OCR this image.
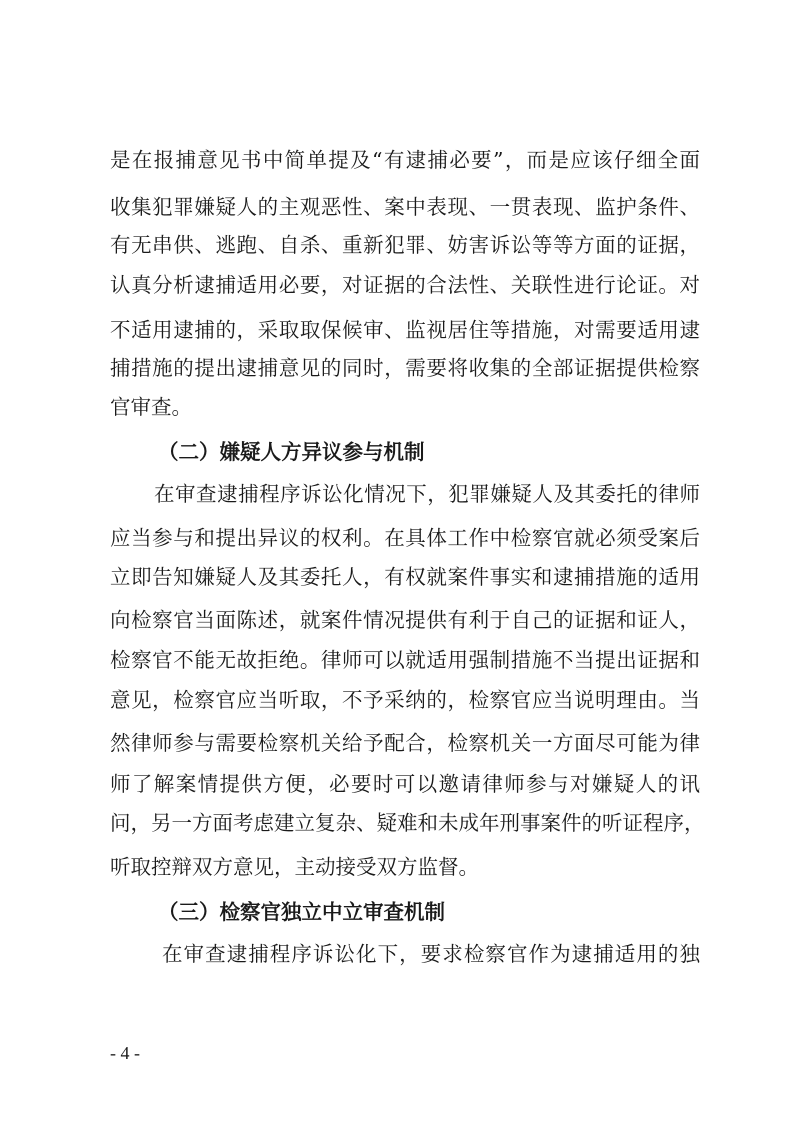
是在报捕意见书中简单提及“有逮捕必要”，而是应该仔细全面
收集犯罪嫌疑人的主观恶性、案中表现、一贯表现、监护条件、
有无串供、逃跑、自杀、重新犯罪、妨害诉讼等等方面的证据，
认真分析逮捕适用必要，对证据的合法性、关联性进行论证。对
不适用逮捕的，采取取保候审、监视居住等措施，对需要适用逮
捕措施的提出逮捕意见的同时，需要将收集的全部证据提供检察
官审查。
（二）嫌疑人方异议参与机制
在审查逮捕程序诉讼化情况下，犯罪嫌疑人及其委托的律师
应当参与和提出异议的权利。在具体工作中检察官就必须受案后
立即告知嫌疑人及其委托人，有权就案件事实和逮捕措施的适用
向检察官当面陈述，就案件情况提供有利于自己的证据和证人，
检察官不能无故拒绝。律师可以就适用强制措施不当提出证据和
意见，检察官应当听取，不予采纳的，检察官应当说明理由。当
然律师参与需要检察机关给予配合，检察机关一方面尽可能为律
师了解案情提供方便，必要时可以邀请律师参与对嫌疑人的讯
问，另一方面考虑建立复杂、疑难和未成年刑事案件的听证程序，
听取控辩双方意见，主动接受双方监督。
（三）检察官独立中立审查机制
在审查逮捕程序诉讼化下，要求检察官作为逮捕适用的独
- 4 -
